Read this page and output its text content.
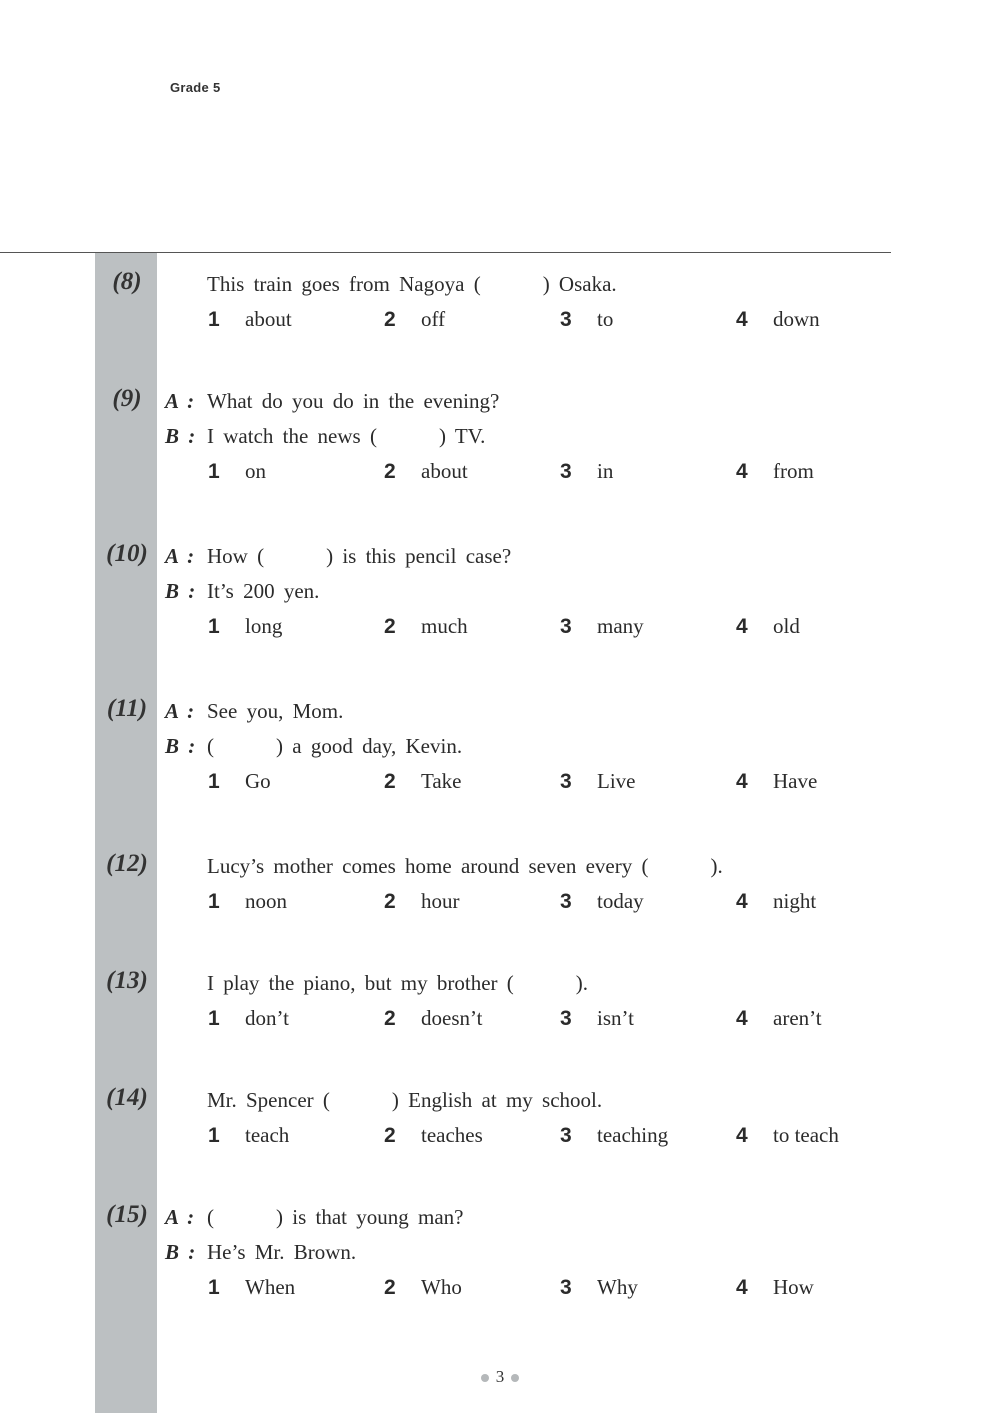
Grade 5
(8)	This train goes from Nagoya (	) Osaka.
1 about	2 off	3 to	4 down
(9)	A : What do you do in the evening?
B : I watch the news (	) TV.
1 on	2 about	3 in	4 from
(10) A : How (	) is this pencil case?
B : It’s 200 yen.
1 long	2 much	3 many	4 old
(11) A : See you, Mom.
B : (	) a good day, Kevin.
1 Go	2 Take	3 Live	4 Have
(12)	Lucy’s mother comes home around seven every (	).
1 noon	2 hour	3 today	4 night
(13)	I play the piano, but my brother (	).
1 don’t	2 doesn’t	3 isn’t	4 aren’t
(14)	Mr. Spencer (	) English at my school.
1 teach	2 teaches	3 teaching	4 to teach
(15) A : (	) is that young man?
B : He’s Mr. Brown.
1 When	2 Who	3 Why	4 How
3
